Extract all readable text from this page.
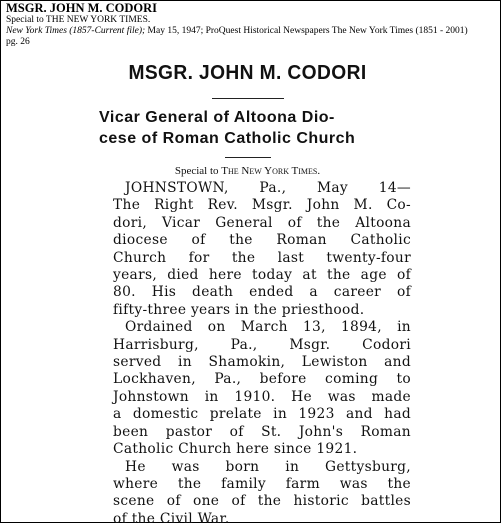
MSGR. JOHN M. CODORI
Special to THE NEW YORK TIMES.
New York Times (1857-Current file); May 15, 1947; ProQuest Historical Newspapers The New York Times (1851 - 2001)
pg. 26
MSGR. JOHN M. CODORI
Vicar General of Altoona Dio-
cese of Roman Catholic Church
Special to The New York Times.

JOHNSTOWN, Pa., May 14—
The Right Rev. Msgr. John M. Co-
dori, Vicar General of the Altoona
diocese of the Roman Catholic
Church for the last twenty-four
years, died here today at the age of
80. His death ended a career of
fifty-three years in the priesthood.

Ordained on March 13, 1894, in
Harrisburg, Pa., Msgr. Codori
served in Shamokin, Lewiston and
Lockhaven, Pa., before coming to
Johnstown in 1910. He was made
a domestic prelate in 1923 and had
been pastor of St. John's Roman
Catholic Church here since 1921.

He was born in Gettysburg,
where the family farm was the
scene of one of the historic battles
of the Civil War.
